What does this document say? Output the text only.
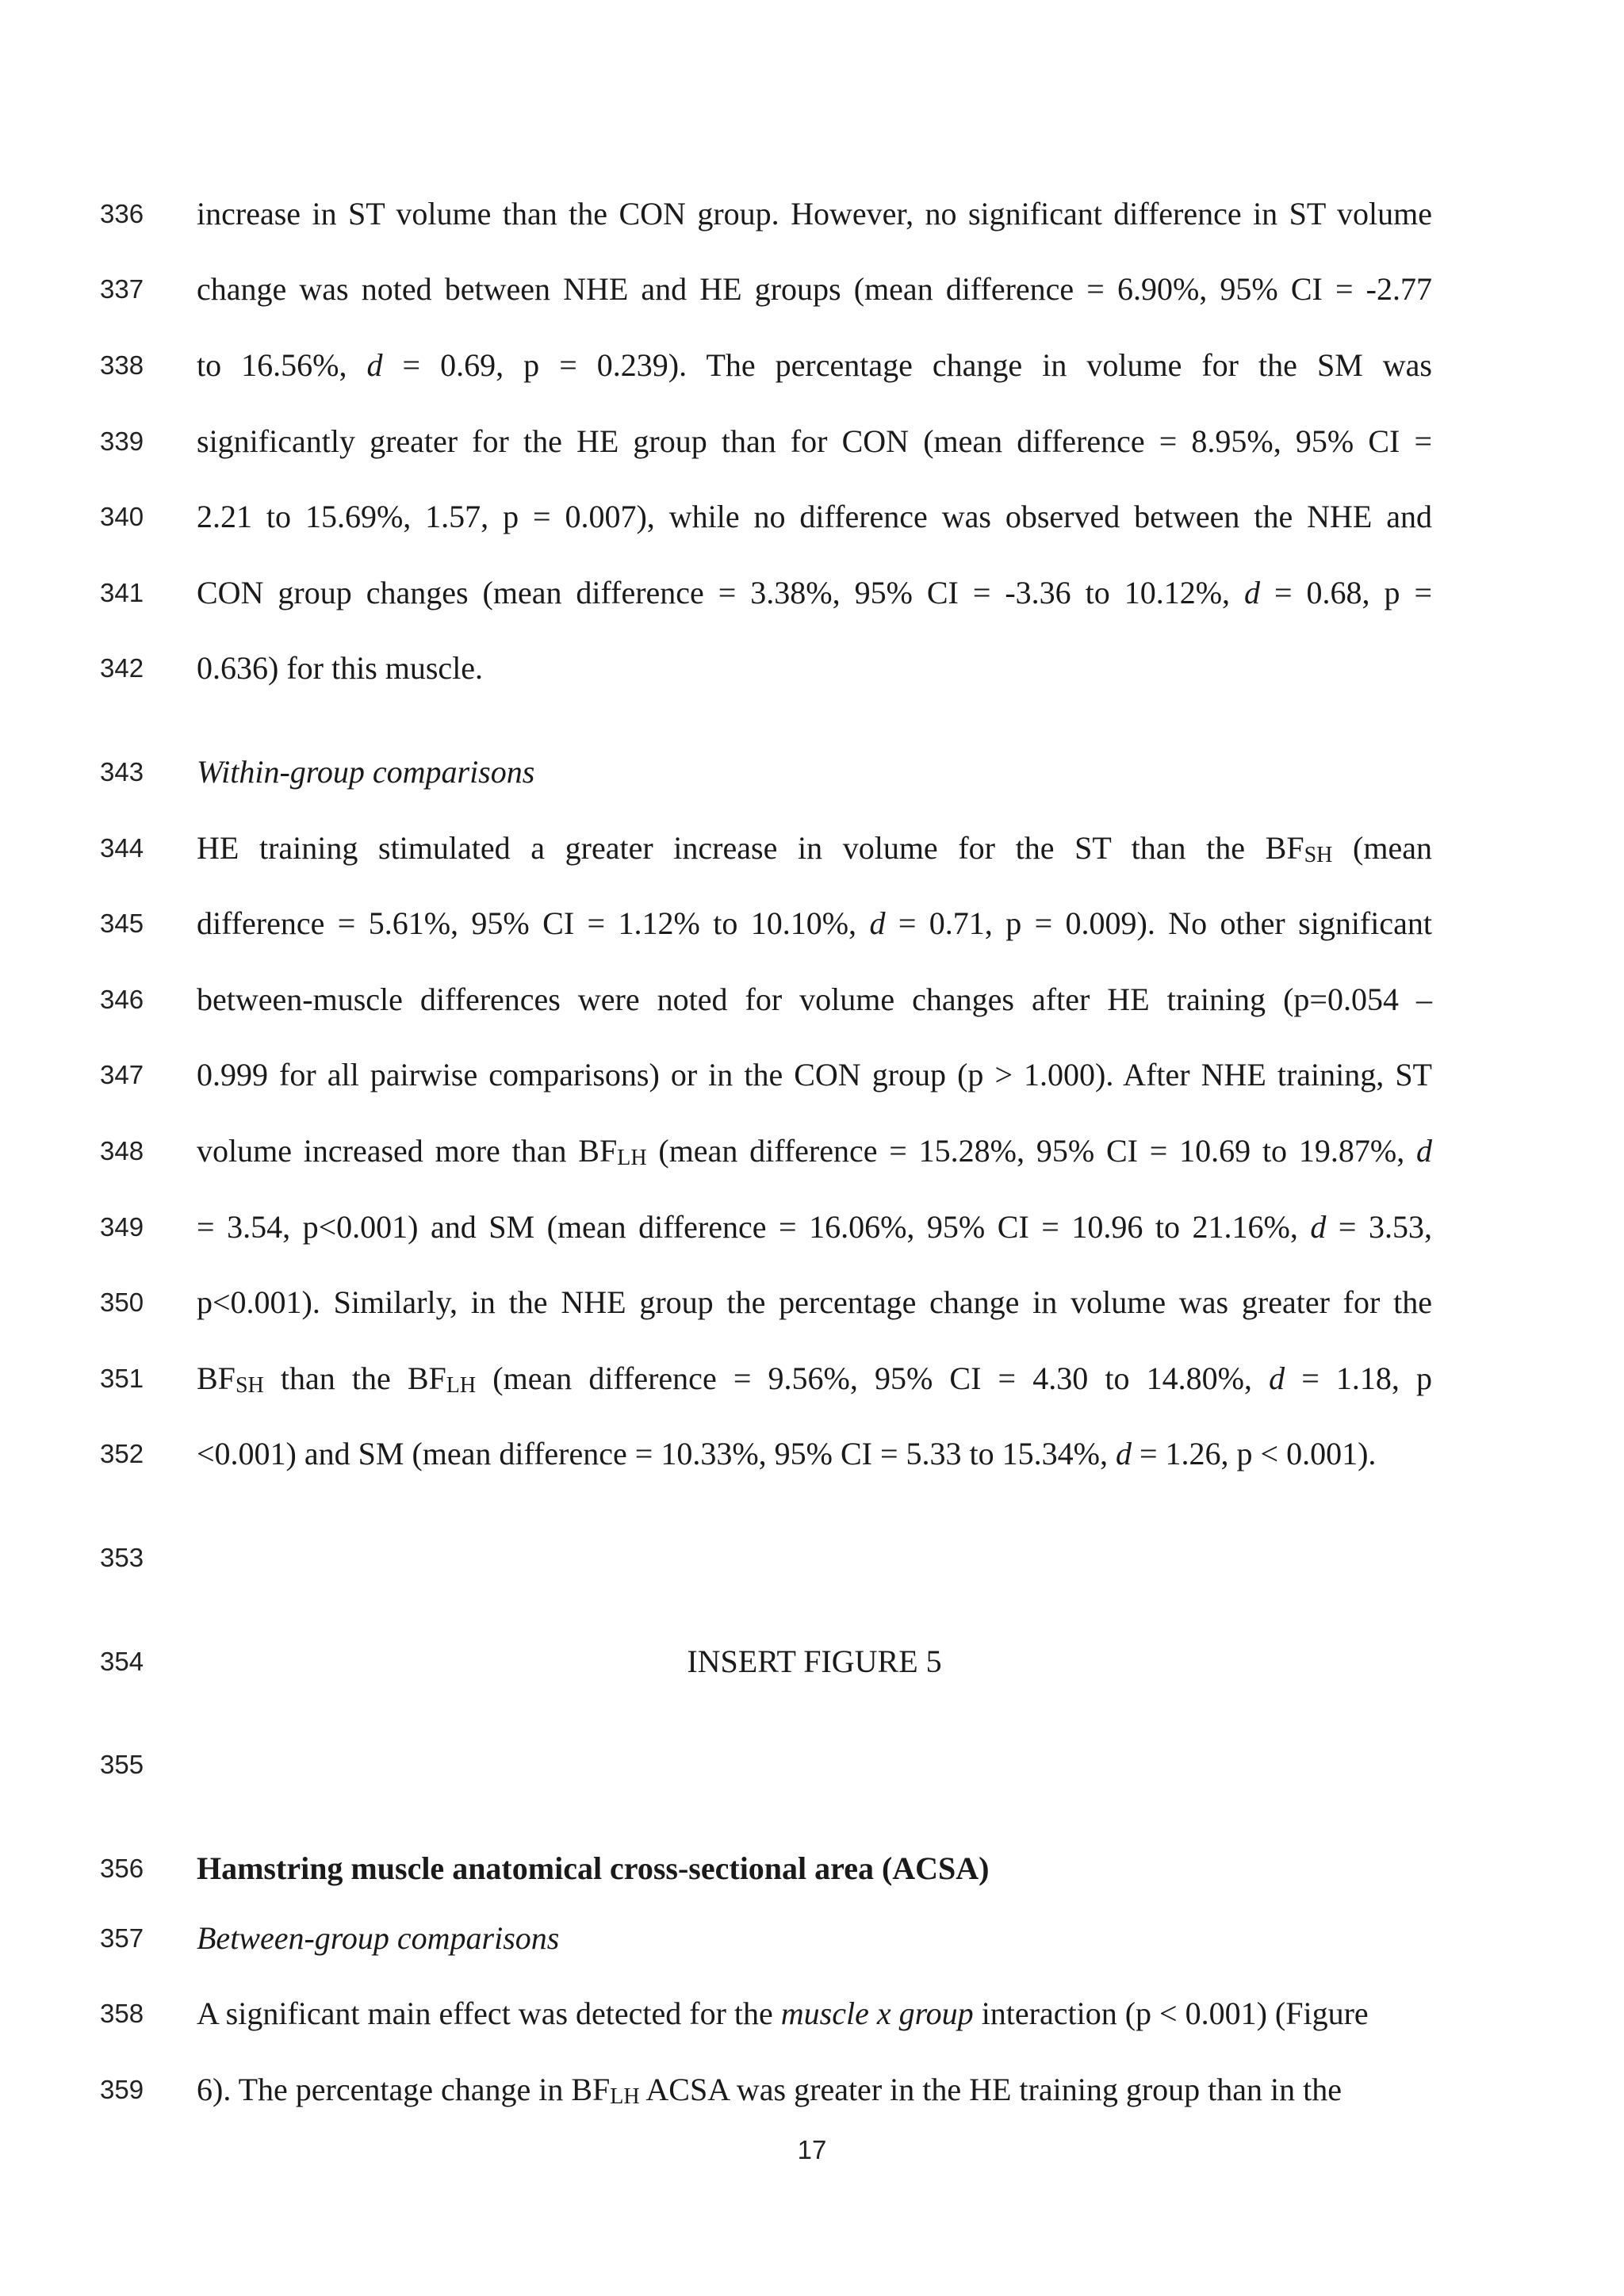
336	increase in ST volume than the CON group. However, no significant difference in ST volume
337	change was noted between NHE and HE groups (mean difference = 6.90%, 95% CI = -2.77
338	to 16.56%, d = 0.69, p = 0.239). The percentage change in volume for the SM was
339	significantly greater for the HE group than for CON (mean difference = 8.95%, 95% CI =
340	2.21 to 15.69%, 1.57, p = 0.007), while no difference was observed between the NHE and
341	CON group changes (mean difference = 3.38%, 95% CI = -3.36 to 10.12%, d = 0.68, p =
342	0.636) for this muscle.
343	Within-group comparisons
344	HE training stimulated a greater increase in volume for the ST than the $BF_{SH}$ (mean
345	difference = 5.61%, 95% CI = 1.12% to 10.10%, d = 0.71, p = 0.009). No other significant
346	between-muscle differences were noted for volume changes after HE training (p=0.054 –
347	0.999 for all pairwise comparisons) or in the CON group (p > 1.000). After NHE training, ST
348	volume increased more than $BF_{LH}$ (mean difference = 15.28%, 95% CI = 10.69 to 19.87%, d
349	= 3.54, p<0.001) and SM (mean difference = 16.06%, 95% CI = 10.96 to 21.16%, d = 3.53,
350	p<0.001). Similarly, in the NHE group the percentage change in volume was greater for the
351	$BF_{SH}$ than the $BF_{LH}$ (mean difference = 9.56%, 95% CI = 4.30 to 14.80%, d = 1.18, p
352	<0.001) and SM (mean difference = 10.33%, 95% CI = 5.33 to 15.34%, d = 1.26, p < 0.001).
353
354	INSERT FIGURE 5
355
356	Hamstring muscle anatomical cross-sectional area (ACSA)
357	Between-group comparisons
358	A significant main effect was detected for the muscle x group interaction (p < 0.001) (Figure
359	6). The percentage change in $BF_{LH}$ ACSA was greater in the HE training group than in the
17
